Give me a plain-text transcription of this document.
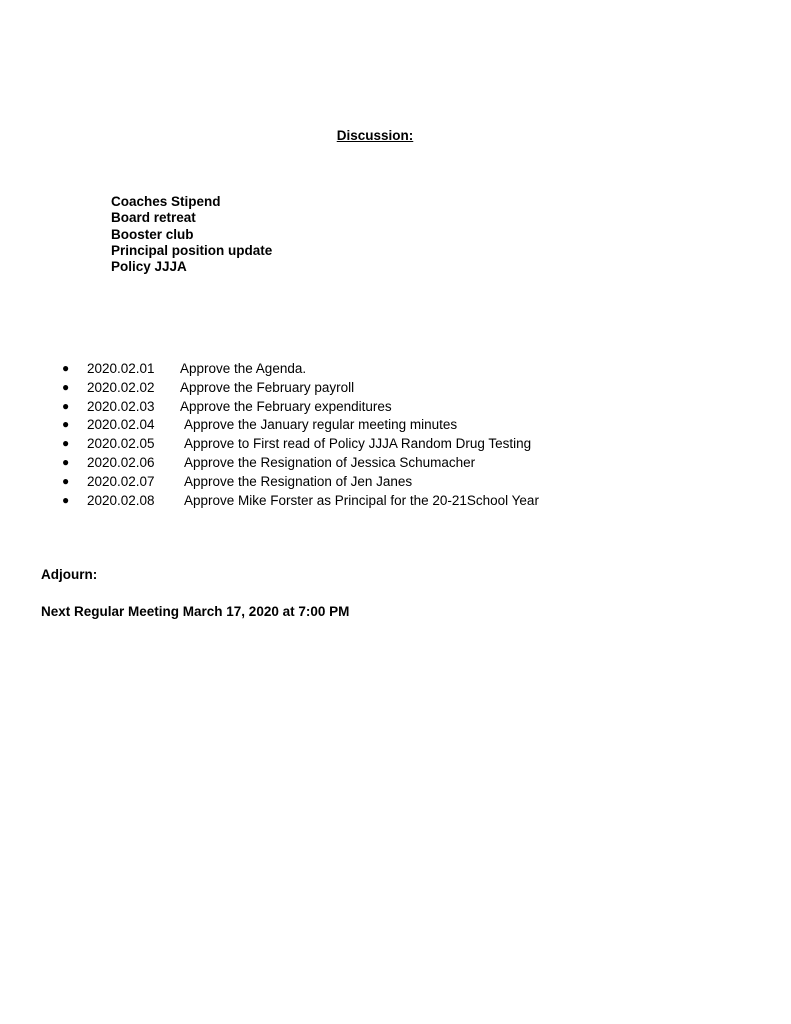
Discussion:
Coaches Stipend
Board retreat
Booster club
Principal position update
Policy JJJA
● 2020.02.01 Approve the Agenda.
● 2020.02.02 Approve the February payroll
● 2020.02.03 Approve the February expenditures
● 2020.02.04 Approve the January regular meeting minutes
● 2020.02.05 Approve to First read of Policy JJJA Random Drug Testing
● 2020.02.06 Approve the Resignation of Jessica Schumacher
● 2020.02.07 Approve the Resignation of Jen Janes
● 2020.02.08 Approve Mike Forster as Principal for the 20-21School Year
Adjourn:
Next Regular Meeting March 17, 2020 at 7:00 PM
